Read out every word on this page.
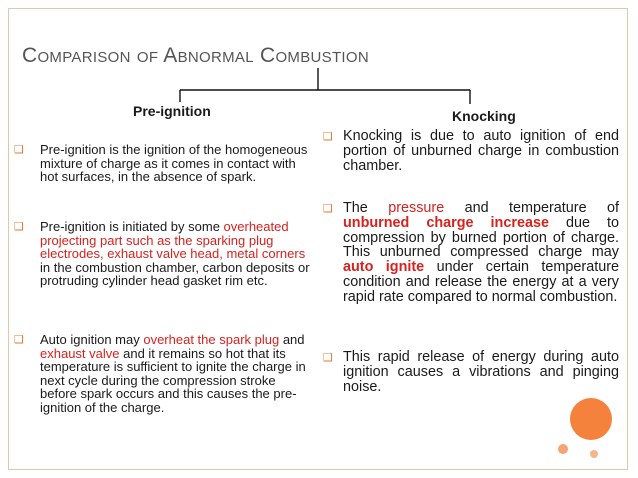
Comparison of Abnormal Combustion
Pre-ignition	Knocking
❑ Pre-ignition is the ignition of the homogeneous mixture of charge as it comes in contact with hot surfaces, in the absence of spark.
❑ Pre-ignition is initiated by some overheated projecting part such as the sparking plug electrodes, exhaust valve head, metal corners in the combustion chamber, carbon deposits or protruding cylinder head gasket rim etc.
❑ Auto ignition may overheat the spark plug and exhaust valve and it remains so hot that its temperature is sufficient to ignite the charge in next cycle during the compression stroke before spark occurs and this causes the pre-ignition of the charge.
❑ Knocking is due to auto ignition of end portion of unburned charge in combustion chamber.
❑ The pressure and temperature of unburned charge increase due to compression by burned portion of charge. This unburned compressed charge may auto ignite under certain temperature condition and release the energy at a very rapid rate compared to normal combustion.
❑ This rapid release of energy during auto ignition causes a vibrations and pinging noise.
